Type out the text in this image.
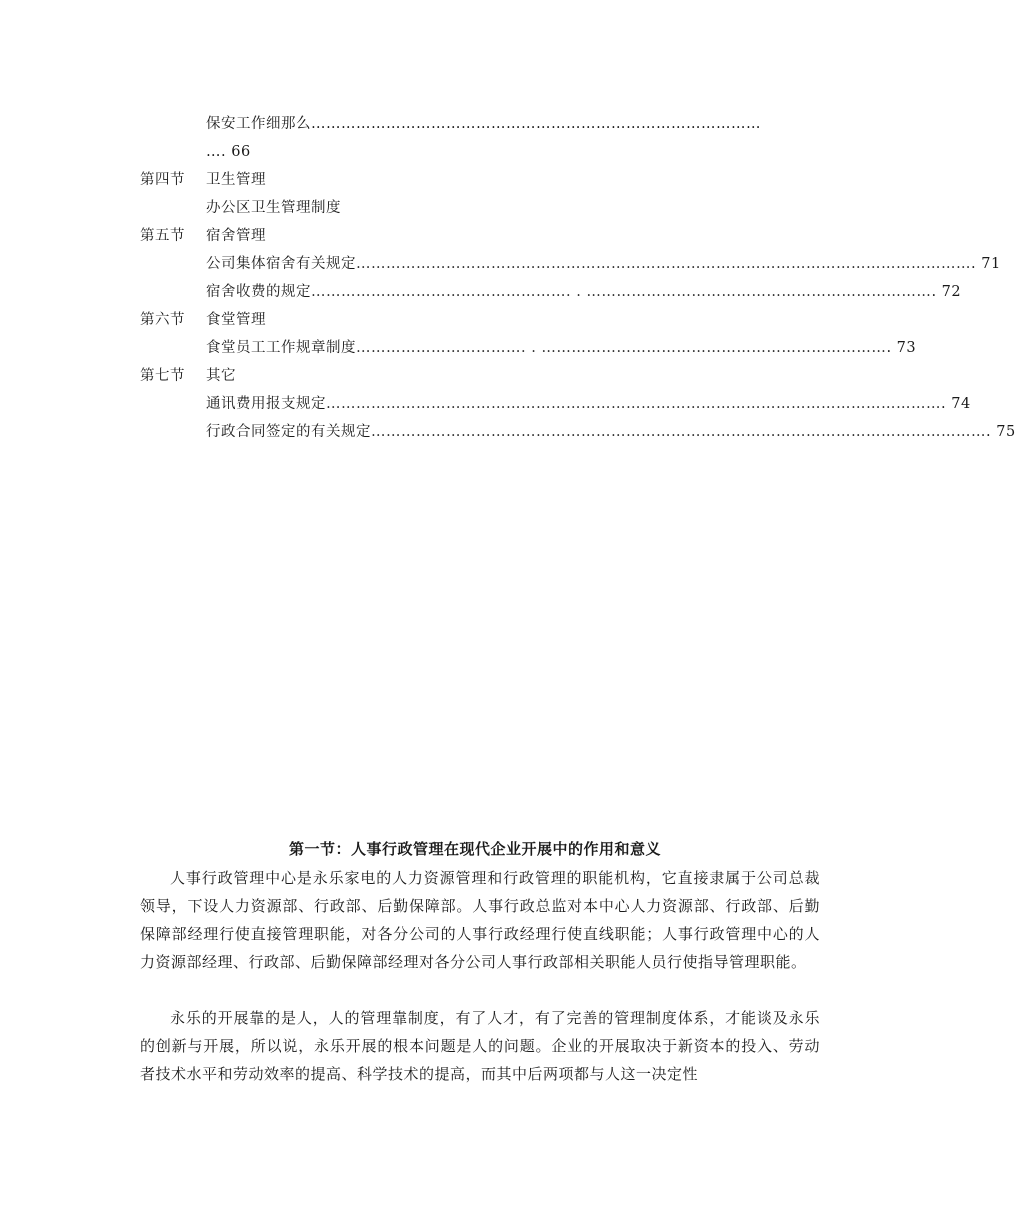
保安工作细那么………………………………………………………………………………
…. 66
第四节 卫生管理
办公区卫生管理制度
第五节 宿舍管理
公司集体宿舍有关规定 …………………………………………………………………………………………………………… . 71
宿舍收费的规定 ……………………………………………. . …………………………………………………………… . 72
第六节 食堂管理
食堂员工工作规章制度 ……………………………. . …………………………………………………………… . 73
第七节 其它
通讯费用报支规定 …………………………………………………………………………………………………………… . 74
行政合同签定的有关规定 …………………………………………………………………………………………………………… . 75
第一节：人事行政管理在现代企业开展中的作用和意义

人事行政管理中心是永乐家电的人力资源管理和行政管理的职能机构，它直接隶属于公司总裁领导，下设人力资源部、行政部、后勤保障部。人事行政总监对本中心人力资源部、行政部、后勤保障部经理行使直接管理职能，对各分公司的人事行政经理行使直线职能；人事行政管理中心的人力资源部经理、行政部、后勤保障部经理对各分公司人事行政部相关职能人员行使指导管理职能。

永乐的开展靠的是人，人的管理靠制度，有了人才，有了完善的管理制度体系，才能谈及永乐的创新与开展，所以说，永乐开展的根本问题是人的问题。企业的开展取决于新资本的投入、劳动者技术水平和劳动效率的提高、科学技术的提高，而其中后两项都与人这一决定性
